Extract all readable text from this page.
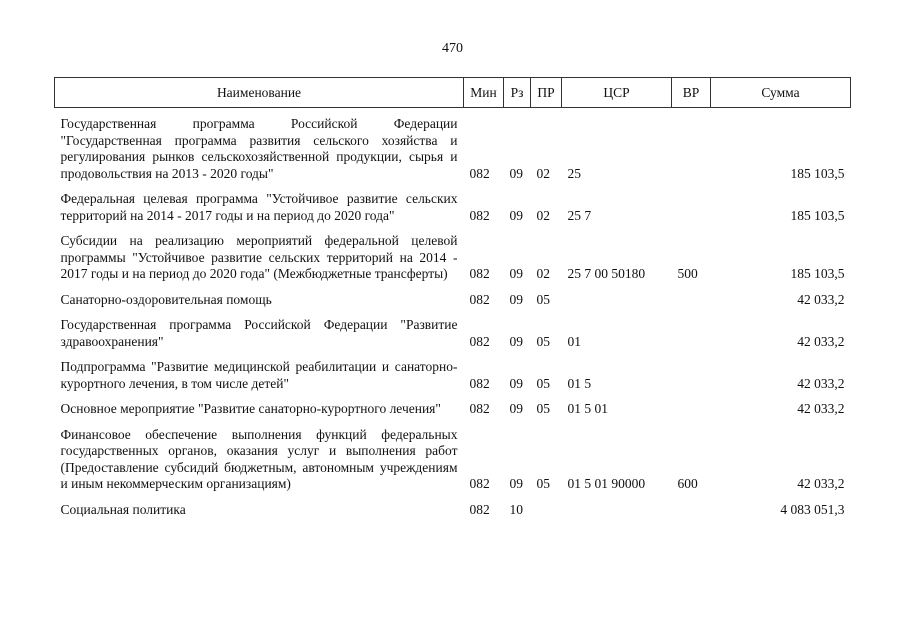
470
Наименование	Мин	Рз	ПР	ЦСР	ВР	Сумма
Государственная программа Российской Федерации "Государственная программа развития сельского хозяйства и регулирования рынков сельскохозяйственной продукции, сырья и продовольствия на 2013 - 2020 годы"	082	09	02	25		185 103,5
Федеральная целевая программа "Устойчивое развитие сельских территорий на 2014 - 2017 годы и на период до 2020 года"	082	09	02	25 7		185 103,5
Субсидии на реализацию мероприятий федеральной целевой программы "Устойчивое развитие сельских территорий на 2014 - 2017 годы и на период до 2020 года" (Межбюджетные трансферты)	082	09	02	25 7 00 50180	500	185 103,5
Санаторно-оздоровительная помощь	082	09	05			42 033,2
Государственная программа Российской Федерации "Развитие здравоохранения"	082	09	05	01		42 033,2
Подпрограмма "Развитие медицинской реабилитации и санаторно-курортного лечения, в том числе детей"	082	09	05	01 5		42 033,2
Основное мероприятие "Развитие санаторно-курортного лечения"	082	09	05	01 5 01		42 033,2
Финансовое обеспечение выполнения функций федеральных государственных органов, оказания услуг и выполнения работ (Предоставление субсидий бюджетным, автономным учреждениям и иным некоммерческим организациям)	082	09	05	01 5 01 90000	600	42 033,2
Социальная политика	082	10				4 083 051,3
